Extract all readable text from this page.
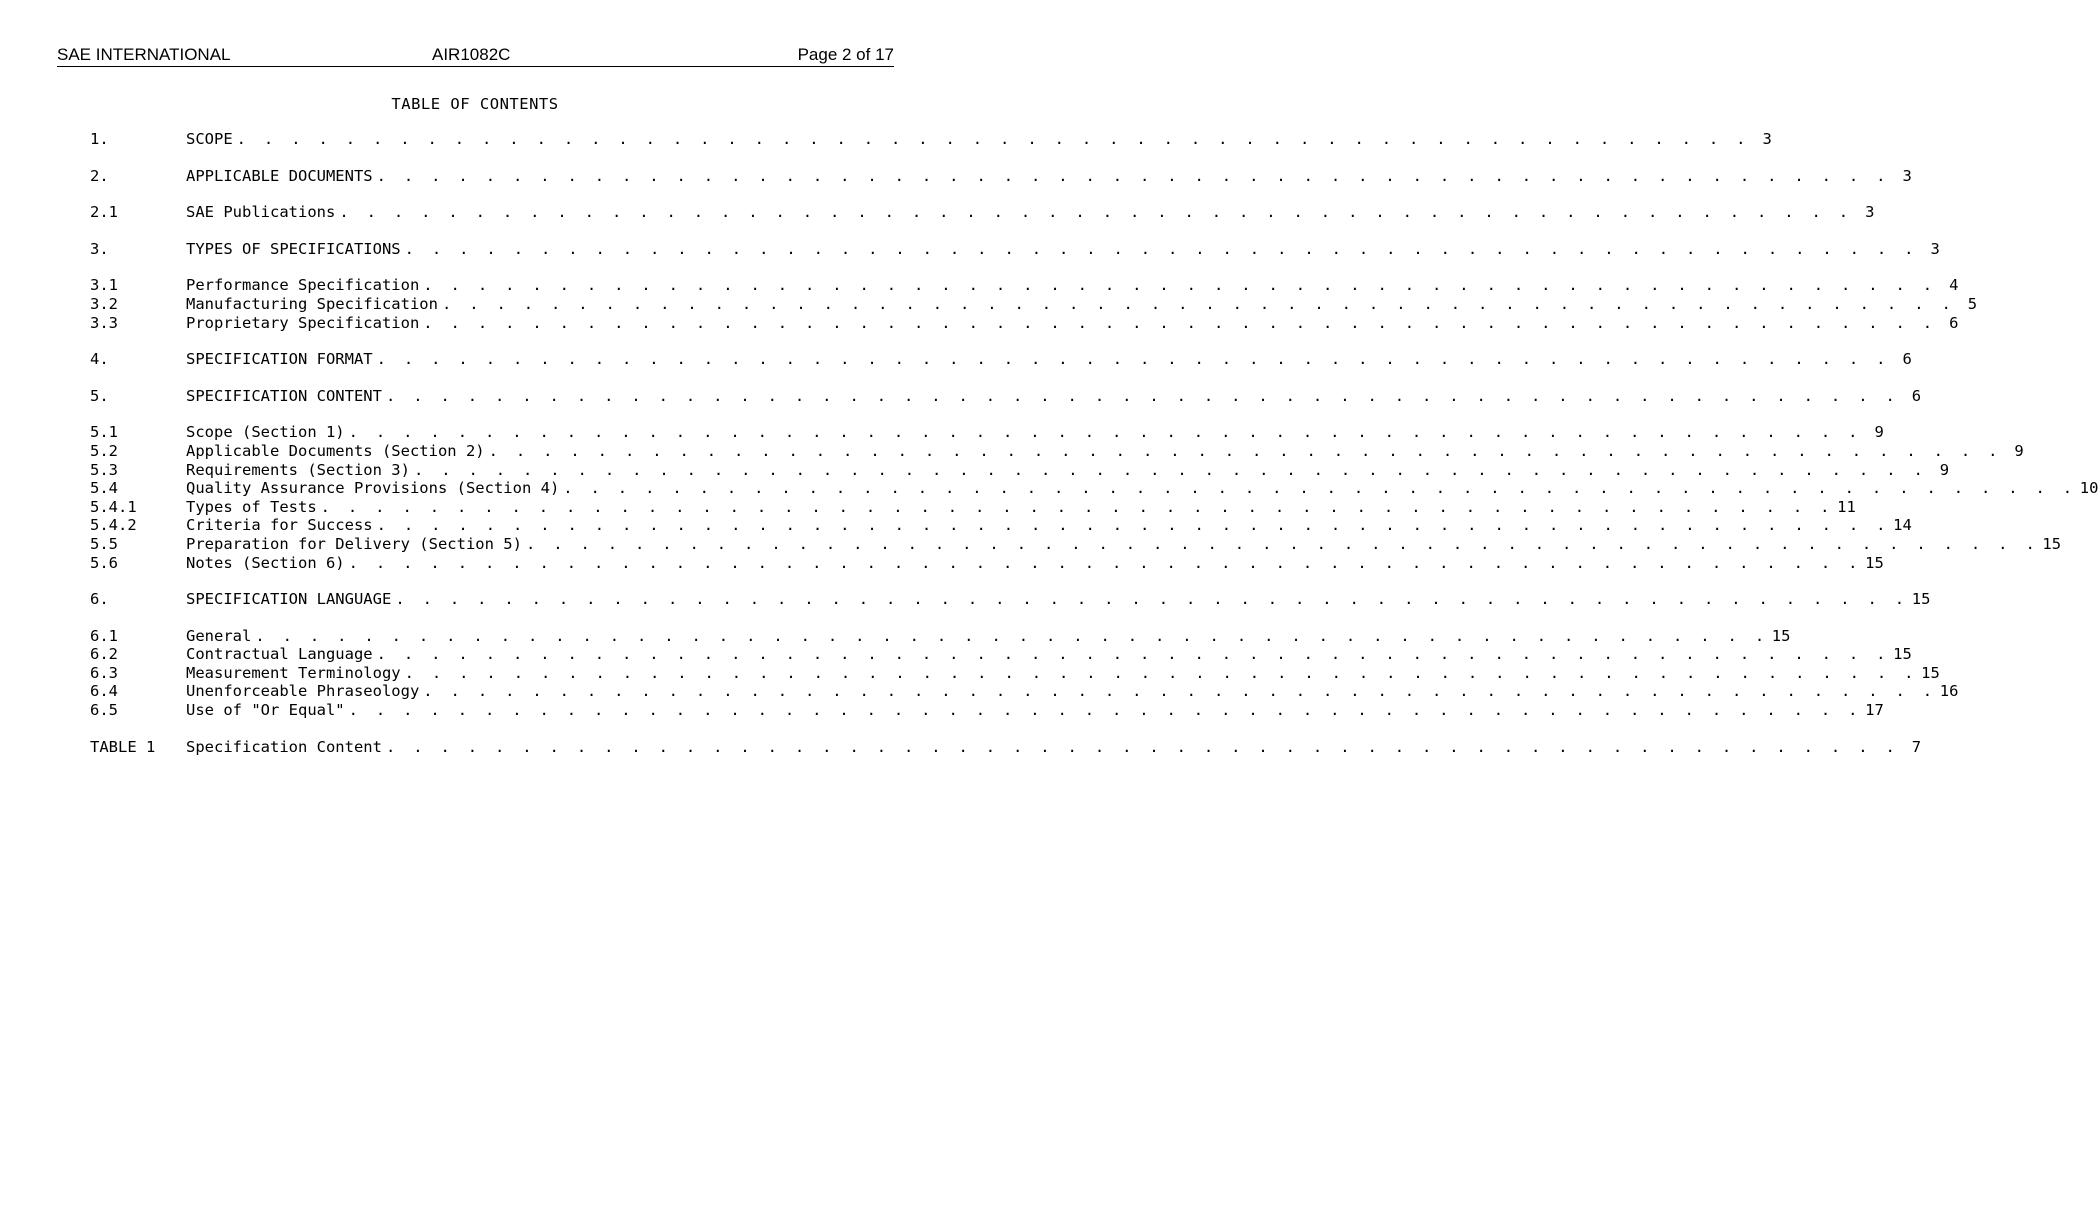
SAE INTERNATIONAL	AIR1082C	Page 2 of 17
TABLE OF CONTENTS
1.	SCOPE . . . . . . . . . . . . . . . . . . . . . . . . . . . . . . . . . . . . . . . . . . . . . . . . . . . . . . . . 3
2.	APPLICABLE DOCUMENTS . . . . . . . . . . . . . . . . . . . . . . . . . . . . . . . . . . . . . . . . . . . . . . . . . . . . . . . . 3
2.1	SAE Publications . . . . . . . . . . . . . . . . . . . . . . . . . . . . . . . . . . . . . . . . . . . . . . . . . . . . . . . . 3
3.	TYPES OF SPECIFICATIONS . . . . . . . . . . . . . . . . . . . . . . . . . . . . . . . . . . . . . . . . . . . . . . . . . . . . . . . . 3
3.1	Performance Specification . . . . . . . . . . . . . . . . . . . . . . . . . . . . . . . . . . . . . . . . . . . . . . . . . . . . . . . . 4
3.2	Manufacturing Specification . . . . . . . . . . . . . . . . . . . . . . . . . . . . . . . . . . . . . . . . . . . . . . . . . . . . . . . . 5
3.3	Proprietary Specification . . . . . . . . . . . . . . . . . . . . . . . . . . . . . . . . . . . . . . . . . . . . . . . . . . . . . . . . 6
4.	SPECIFICATION FORMAT . . . . . . . . . . . . . . . . . . . . . . . . . . . . . . . . . . . . . . . . . . . . . . . . . . . . . . . . 6
5.	SPECIFICATION CONTENT . . . . . . . . . . . . . . . . . . . . . . . . . . . . . . . . . . . . . . . . . . . . . . . . . . . . . . . . 6
5.1	Scope (Section 1) . . . . . . . . . . . . . . . . . . . . . . . . . . . . . . . . . . . . . . . . . . . . . . . . . . . . . . . . 9
5.2	Applicable Documents (Section 2) . . . . . . . . . . . . . . . . . . . . . . . . . . . . . . . . . . . . . . . . . . . . . . . . . . . . . . . . 9
5.3	Requirements (Section 3) . . . . . . . . . . . . . . . . . . . . . . . . . . . . . . . . . . . . . . . . . . . . . . . . . . . . . . . . 9
5.4	Quality Assurance Provisions (Section 4) . . . . . . . . . . . . . . . . . . . . . . . . . . . . . . . . . . . . . . . . . . . . . . . . . . . . . . . . 10
5.4.1	Types of Tests . . . . . . . . . . . . . . . . . . . . . . . . . . . . . . . . . . . . . . . . . . . . . . . . . . . . . . . . 11
5.4.2	Criteria for Success . . . . . . . . . . . . . . . . . . . . . . . . . . . . . . . . . . . . . . . . . . . . . . . . . . . . . . . . 14
5.5	Preparation for Delivery (Section 5) . . . . . . . . . . . . . . . . . . . . . . . . . . . . . . . . . . . . . . . . . . . . . . . . . . . . . . . . 15
5.6	Notes (Section 6) . . . . . . . . . . . . . . . . . . . . . . . . . . . . . . . . . . . . . . . . . . . . . . . . . . . . . . . . 15
6.	SPECIFICATION LANGUAGE . . . . . . . . . . . . . . . . . . . . . . . . . . . . . . . . . . . . . . . . . . . . . . . . . . . . . . . . 15
6.1	General . . . . . . . . . . . . . . . . . . . . . . . . . . . . . . . . . . . . . . . . . . . . . . . . . . . . . . . . 15
6.2	Contractual Language . . . . . . . . . . . . . . . . . . . . . . . . . . . . . . . . . . . . . . . . . . . . . . . . . . . . . . . . 15
6.3	Measurement Terminology . . . . . . . . . . . . . . . . . . . . . . . . . . . . . . . . . . . . . . . . . . . . . . . . . . . . . . . . 15
6.4	Unenforceable Phraseology . . . . . . . . . . . . . . . . . . . . . . . . . . . . . . . . . . . . . . . . . . . . . . . . . . . . . . . . 16
6.5	Use of "Or Equal" . . . . . . . . . . . . . . . . . . . . . . . . . . . . . . . . . . . . . . . . . . . . . . . . . . . . . . . . 17
TABLE 1	Specification Content . . . . . . . . . . . . . . . . . . . . . . . . . . . . . . . . . . . . . . . . . . . . . . . . . . . . . . . . 7
